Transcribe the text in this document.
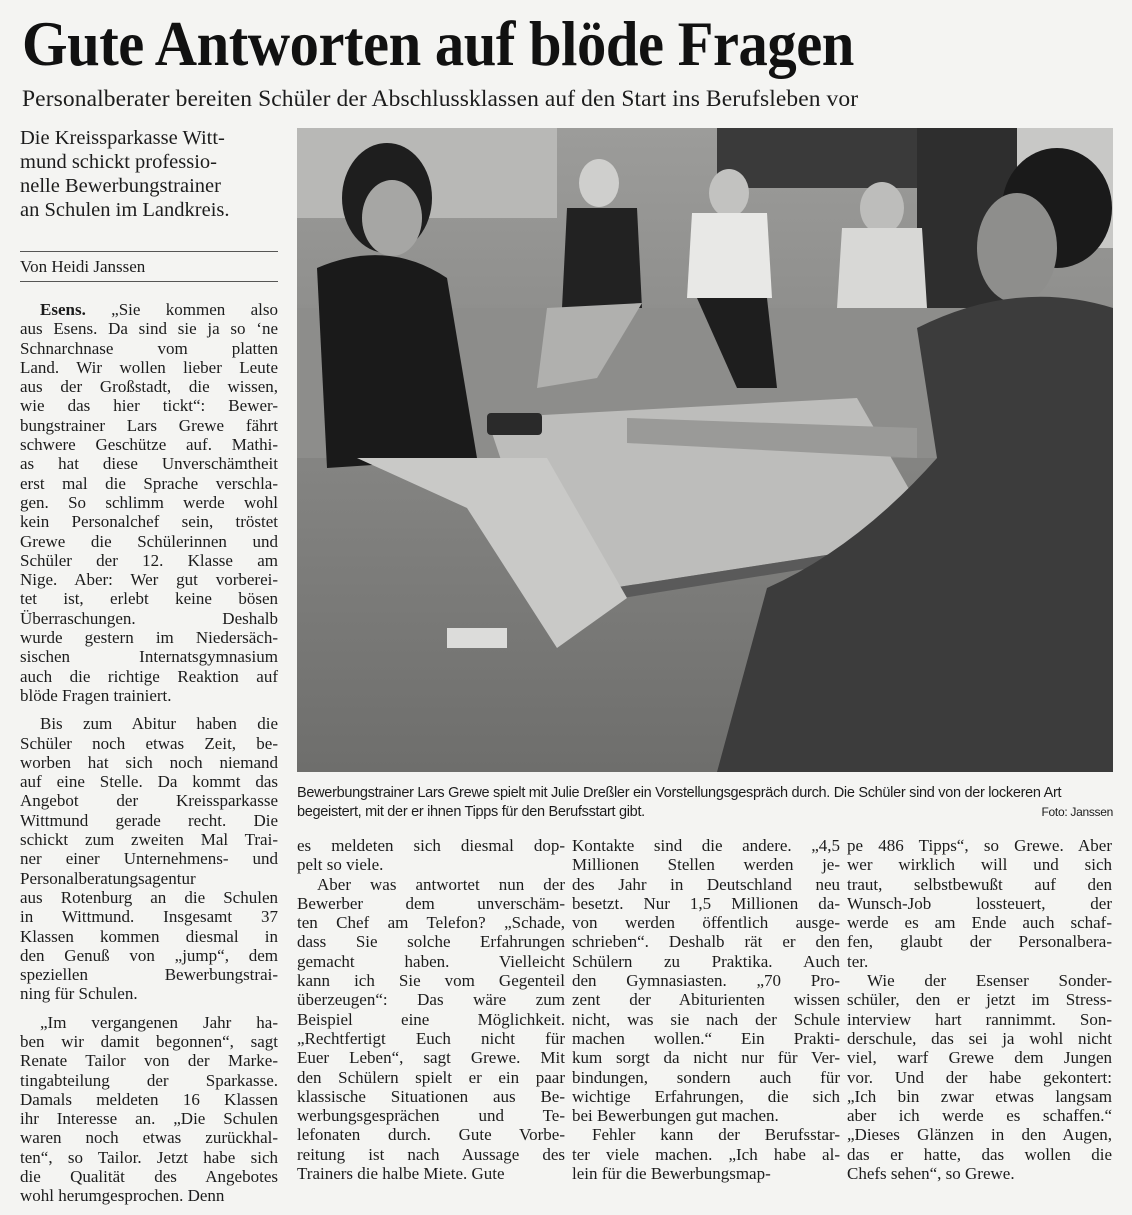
Gute Antworten auf blöde Fragen
Personalberater bereiten Schüler der Abschlussklassen auf den Start ins Berufsleben vor
Die Kreissparkasse Witt-
mund schickt professio-
nelle Bewerbungstrainer
an Schulen im Landkreis.
Von Heidi Janssen
Esens. „Sie kommen also
aus Esens. Da sind sie ja so ‘ne
Schnarchnase vom platten
Land. Wir wollen lieber Leute
aus der Großstadt, die wissen,
wie das hier tickt“: Bewer-
bungstrainer Lars Grewe fährt
schwere Geschütze auf. Mathi-
as hat diese Unverschämtheit
erst mal die Sprache verschla-
gen. So schlimm werde wohl
kein Personalchef sein, tröstet
Grewe die Schülerinnen und
Schüler der 12. Klasse am
Nige. Aber: Wer gut vorberei-
tet ist, erlebt keine bösen
Überraschungen. Deshalb
wurde gestern im Niedersäch-
sischen Internatsgymnasium
auch die richtige Reaktion auf
blöde Fragen trainiert.
Bis zum Abitur haben die
Schüler noch etwas Zeit, be-
worben hat sich noch niemand
auf eine Stelle. Da kommt das
Angebot der Kreissparkasse
Wittmund gerade recht. Die
schickt zum zweiten Mal Trai-
ner einer Unternehmens- und
Personalberatungsagentur
aus Rotenburg an die Schulen
in Wittmund. Insgesamt 37
Klassen kommen diesmal in
den Genuß von „jump“, dem
speziellen Bewerbungstrai-
ning für Schulen.
„Im vergangenen Jahr ha-
ben wir damit begonnen“, sagt
Renate Tailor von der Marke-
tingabteilung der Sparkasse.
Damals meldeten 16 Klassen
ihr Interesse an. „Die Schulen
waren noch etwas zurückhal-
ten“, so Tailor. Jetzt habe sich
die Qualität des Angebotes
wohl herumgesprochen. Denn
es meldeten sich diesmal dop-
pelt so viele.
Aber was antwortet nun der
Bewerber dem unverschäm-
ten Chef am Telefon? „Schade,
dass Sie solche Erfahrungen
gemacht haben. Vielleicht
kann ich Sie vom Gegenteil
überzeugen“: Das wäre zum
Beispiel eine Möglichkeit.
„Rechtfertigt Euch nicht für
Euer Leben“, sagt Grewe. Mit
den Schülern spielt er ein paar
klassische Situationen aus Be-
werbungsgesprächen und Te-
lefonaten durch. Gute Vorbe-
reitung ist nach Aussage des
Trainers die halbe Miete. Gute
Kontakte sind die andere. „4,5
Millionen Stellen werden je-
des Jahr in Deutschland neu
besetzt. Nur 1,5 Millionen da-
von werden öffentlich ausge-
schrieben“. Deshalb rät er den
Schülern zu Praktika. Auch
den Gymnasiasten. „70 Pro-
zent der Abiturienten wissen
nicht, was sie nach der Schule
machen wollen.“ Ein Prakti-
kum sorgt da nicht nur für Ver-
bindungen, sondern auch für
wichtige Erfahrungen, die sich
bei Bewerbungen gut machen.
Fehler kann der Berufsstar-
ter viele machen. „Ich habe al-
lein für die Bewerbungsmap-
pe 486 Tipps“, so Grewe. Aber
wer wirklich will und sich
traut, selbstbewußt auf den
Wunsch-Job lossteuert, der
werde es am Ende auch schaf-
fen, glaubt der Personalbera-
ter.
Wie der Esenser Sonder-
schüler, den er jetzt im Stress-
interview hart rannimmt. Son-
derschule, das sei ja wohl nicht
viel, warf Grewe dem Jungen
vor. Und der habe gekontert:
„Ich bin zwar etwas langsam
aber ich werde es schaffen.“
„Dieses Glänzen in den Augen,
das er hatte, das wollen die
Chefs sehen“, so Grewe.
Bewerbungstrainer Lars Grewe spielt mit Julie Dreßler ein Vorstellungsgespräch durch. Die Schüler sind von der lockeren Art begeistert, mit der er ihnen Tipps für den Berufsstart gibt.	Foto: Janssen
